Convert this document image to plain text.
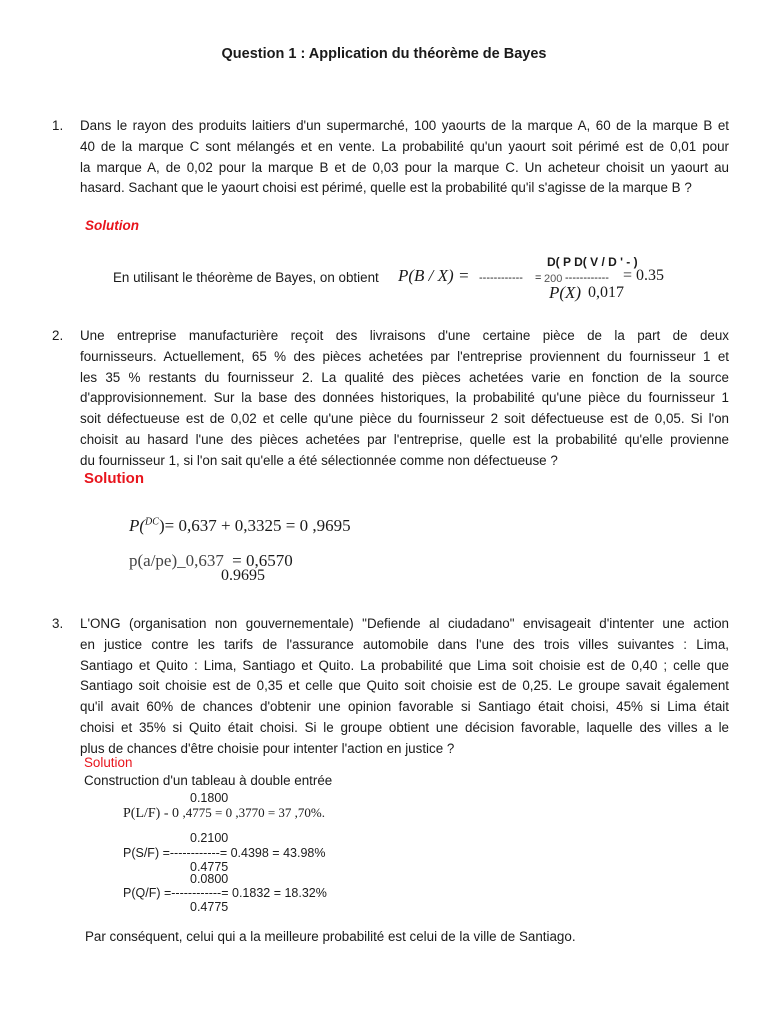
Question 1 : Application du théorème de Bayes
1. Dans le rayon des produits laitiers d'un supermarché, 100 yaourts de la marque A, 60 de la marque B et
40 de la marque C sont mélangés et en vente. La probabilité qu'un yaourt soit périmé est de 0,01 pour
la marque A, de 0,02 pour la marque B et de 0,03 pour la marque C. Un acheteur choisit un yaourt au
hasard. Sachant que le yaourt choisi est périmé, quelle est la probabilité qu'il s'agisse de la marque B ?
Solution
D( P D( V / D ' - )
En utilisant le théorème de Bayes, on obtient P(B / X) = ------------ = 200 ------------ = 0.35
P(X) 0,017
2. Une entreprise manufacturière reçoit des livraisons d'une certaine pièce de la part de deux
fournisseurs. Actuellement, 65 % des pièces achetées par l'entreprise proviennent du fournisseur 1 et
les 35 % restants du fournisseur 2. La qualité des pièces achetées varie en fonction de la source
d'approvisionnement. Sur la base des données historiques, la probabilité qu'une pièce du fournisseur 1
soit défectueuse est de 0,02 et celle qu'une pièce du fournisseur 2 soit défectueuse est de 0,05. Si l'on
choisit au hasard l'une des pièces achetées par l'entreprise, quelle est la probabilité qu'elle provienne
du fournisseur 1, si l'on sait qu'elle a été sélectionnée comme non défectueuse ?
Solution
P($^{DC}$)= 0,637 + 0,3325 = 0 ,9695
p(a/pe)_0,637 = 0,6570
0.9695
3. L'ONG (organisation non gouvernementale) "Defiende al ciudadano" envisageait d'intenter une action
en justice contre les tarifs de l'assurance automobile dans l'une des trois villes suivantes : Lima,
Santiago et Quito : Lima, Santiago et Quito. La probabilité que Lima soit choisie est de 0,40 ; celle que
Santiago soit choisie est de 0,35 et celle que Quito soit choisie est de 0,25. Le groupe savait également
qu'il avait 60% de chances d'obtenir une opinion favorable si Santiago était choisi, 45% si Lima était
choisi et 35% si Quito était choisi. Si le groupe obtient une décision favorable, laquelle des villes a le
plus de chances d'être choisie pour intenter l'action en justice ?
Solution
Construction d'un tableau à double entrée
0.1800
P(L/F) - 0 ,4775 = 0 ,3770 = 37 ,70%.
0.2100
P(S/F) =------------= 0.4398 = 43.98%
0.4775
0.0800
P(Q/F) =------------= 0.1832 = 18.32%
0.4775
Par conséquent, celui qui a la meilleure probabilité est celui de la ville de Santiago.
